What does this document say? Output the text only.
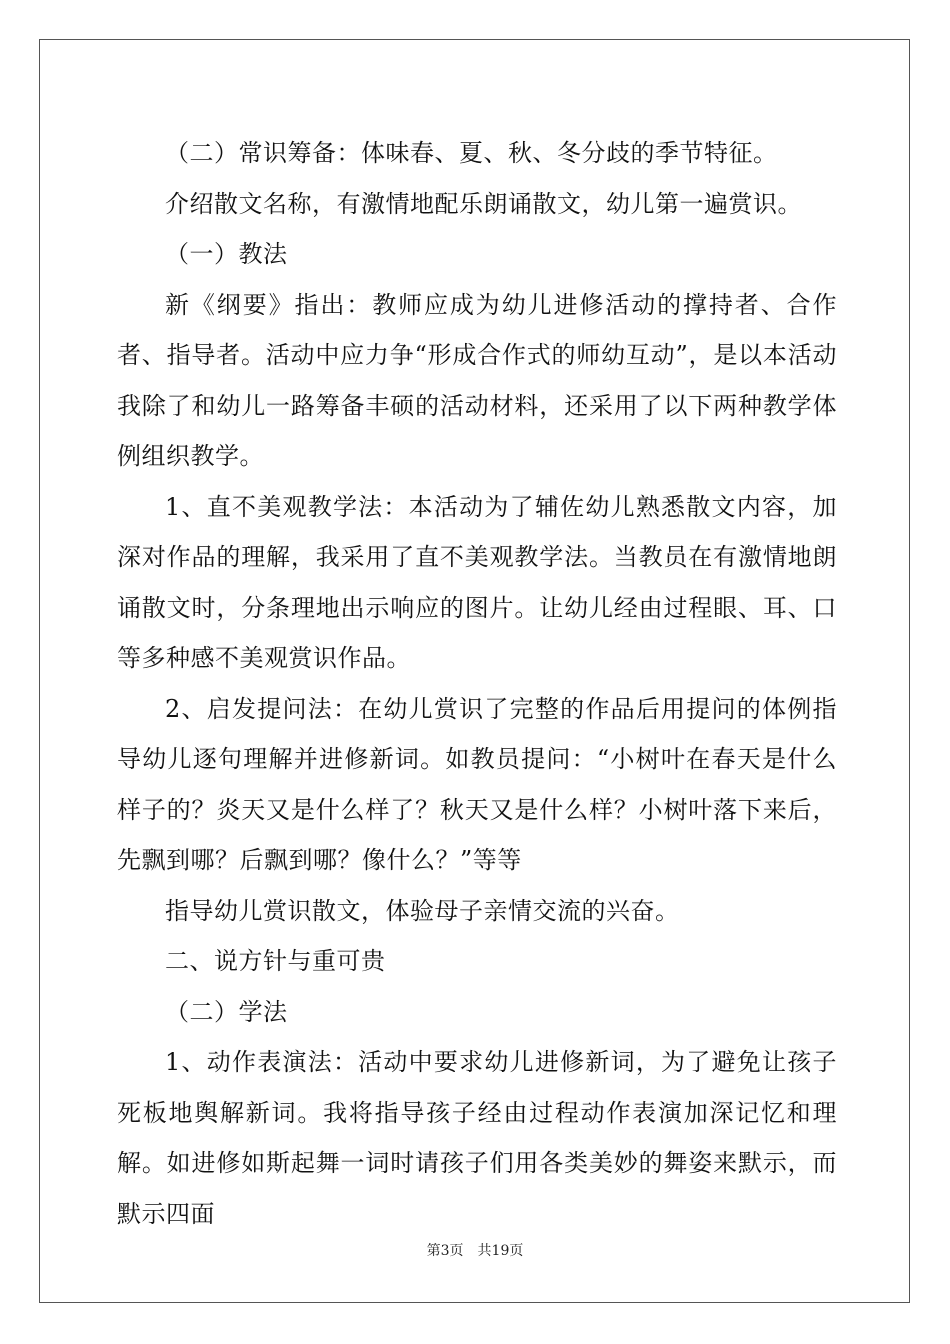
（二）常识筹备：体味春、夏、秋、冬分歧的季节特征。

介绍散文名称，有激情地配乐朗诵散文，幼儿第一遍赏识。

（一）教法

新《纲要》指出：教师应成为幼儿进修活动的撑持者、合作者、指导者。活动中应力争“形成合作式的师幼互动”，是以本活动我除了和幼儿一路筹备丰硕的活动材料，还采用了以下两种教学体例组织教学。

1、直不美观教学法：本活动为了辅佐幼儿熟悉散文内容，加深对作品的理解，我采用了直不美观教学法。当教员在有激情地朗诵散文时，分条理地出示响应的图片。让幼儿经由过程眼、耳、口等多种感不美观赏识作品。

2、启发提问法：在幼儿赏识了完整的作品后用提问的体例指导幼儿逐句理解并进修新词。如教员提问：“小树叶在春天是什么样子的？炎天又是什么样了？秋天又是什么样？小树叶落下来后，先飘到哪？后飘到哪？像什么？”等等

指导幼儿赏识散文，体验母子亲情交流的兴奋。

二、说方针与重可贵

（二）学法

1、动作表演法：活动中要求幼儿进修新词，为了避免让孩子死板地舆解新词。我将指导孩子经由过程动作表演加深记忆和理解。如进修如斯起舞一词时请孩子们用各类美妙的舞姿来默示，而默示四面

第3页 共19页
